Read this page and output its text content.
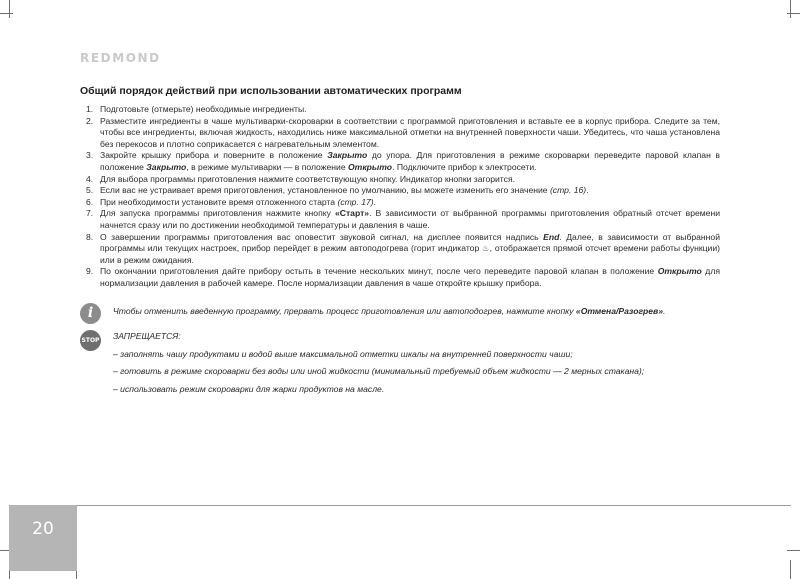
REDMOND
Общий порядок действий при использовании автоматических программ
1. Подготовьте (отмерьте) необходимые ингредиенты.
2. Разместите ингредиенты в чаше мультиварки-скороварки в соответствии с программой приготовления и вставьте ее в корпус прибора. Следите за тем, чтобы все ингредиенты, включая жидкость, находились ниже максимальной отметки на внутренней поверхности чаши. Убедитесь, что чаша установлена без перекосов и плотно соприкасается с нагревательным элементом.
3. Закройте крышку прибора и поверните в положение Закрыто до упора. Для приготовления в режиме скороварки переведите паровой клапан в положение Закрыто, в режиме мультиварки — в положение Открыто. Подключите прибор к электросети.
4. Для выбора программы приготовления нажмите соответствующую кнопку. Индикатор кнопки загорится.
5. Если вас не устраивает время приготовления, установленное по умолчанию, вы можете изменить его значение (стр. 16).
6. При необходимости установите время отложенного старта (стр. 17).
7. Для запуска программы приготовления нажмите кнопку «Старт». В зависимости от выбранной программы приготовления обратный отсчет времени начнется сразу или по достижении необходимой температуры и давления в чаше.
8. О завершении программы приготовления вас оповестит звуковой сигнал, на дисплее появится надпись End. Далее, в зависимости от выбранной программы или текущих настроек, прибор перейдет в режим автоподогрева (горит индикатор ♨, отображается прямой отсчет времени работы функции) или в режим ожидания.
9. По окончании приготовления дайте прибору остыть в течение нескольких минут, после чего переведите паровой клапан в положение Открыто для нормализации давления в рабочей камере. После нормализации давления в чаше откройте крышку прибора.
i	Чтобы отменить введенную программу, прервать процесс приготовления или автоподогрев, нажмите кнопку «Отмена/Разогрев».
STOP ЗАПРЕЩАЕТСЯ:
– заполнять чашу продуктами и водой выше максимальной отметки шкалы на внутренней поверхности чаши;
– готовить в режиме скороварки без воды или иной жидкости (минимальный требуемый объем жидкости — 2 мерных стакана);
– использовать режим скороварки для жарки продуктов на масле.
20
